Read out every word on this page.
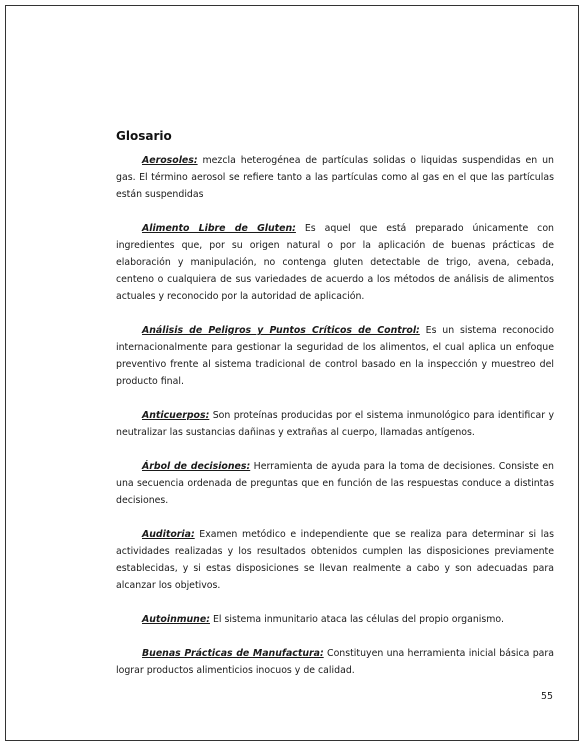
Glosario

Aerosoles: mezcla heterogénea de partículas solidas o liquidas suspendidas en un gas. El término aerosol se refiere tanto a las partículas como al gas en el que las partículas están suspendidas

Alimento Libre de Gluten: Es aquel que está preparado únicamente con ingredientes que, por su origen natural o por la aplicación de buenas prácticas de elaboración y manipulación, no contenga gluten detectable de trigo, avena, cebada, centeno o cualquiera de sus variedades de acuerdo a los métodos de análisis de alimentos actuales y reconocido por la autoridad de aplicación.

Análisis de Peligros y Puntos Críticos de Control: Es un sistema reconocido internacionalmente para gestionar la seguridad de los alimentos, el cual aplica un enfoque preventivo frente al sistema tradicional de control basado en la inspección y muestreo del producto final.

Anticuerpos: Son proteínas producidas por el sistema inmunológico para identificar y neutralizar las sustancias dañinas y extrañas al cuerpo, llamadas antígenos.

Árbol de decisiones: Herramienta de ayuda para la toma de decisiones. Consiste en una secuencia ordenada de preguntas que en función de las respuestas conduce a distintas decisiones.

Auditoria: Examen metódico e independiente que se realiza para determinar si las actividades realizadas y los resultados obtenidos cumplen las disposiciones previamente establecidas, y si estas disposiciones se llevan realmente a cabo y son adecuadas para alcanzar los objetivos.

Autoinmune: El sistema inmunitario ataca las células del propio organismo.

Buenas Prácticas de Manufactura: Constituyen una herramienta inicial básica para lograr productos alimenticios inocuos y de calidad.

55
